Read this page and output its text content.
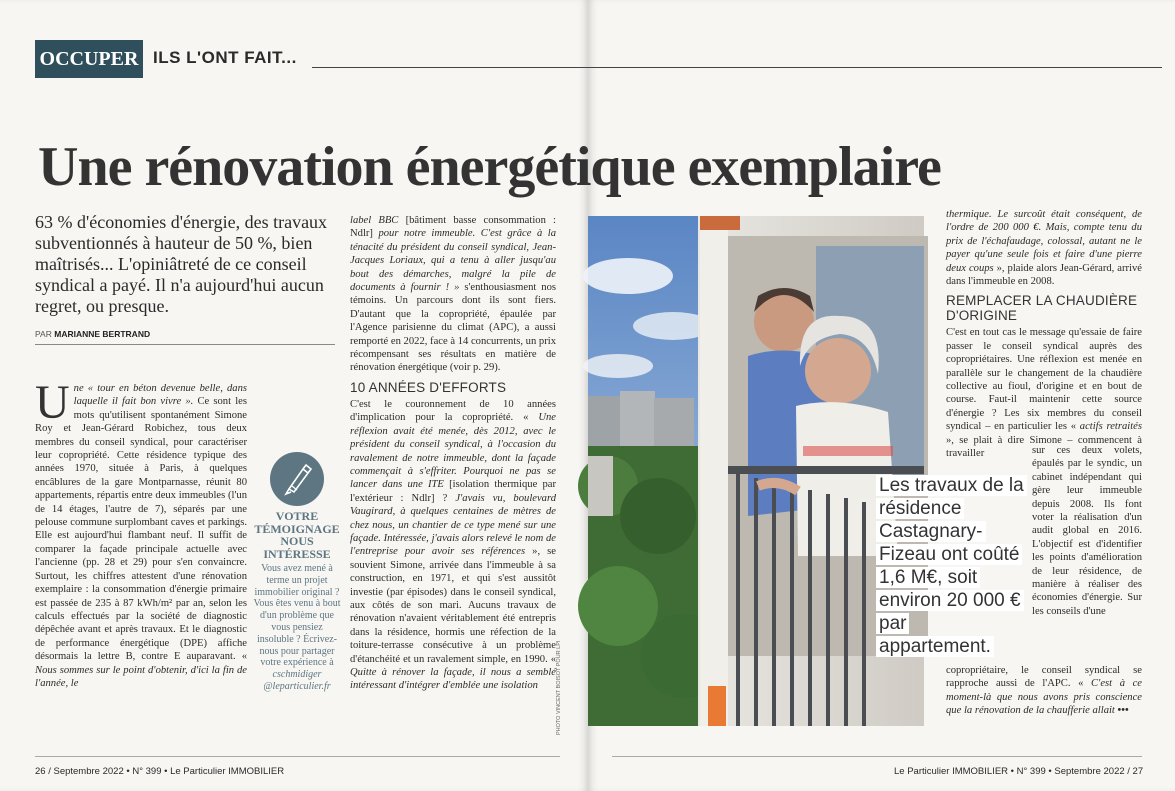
OCCUPER ILS L'ONT FAIT...
Une rénovation énergétique exemplaire
63 % d'économies d'énergie, des travaux subventionnés à hauteur de 50 %, bien maîtrisés... L'opiniâtreté de ce conseil syndical a payé. Il n'a aujourd'hui aucun regret, ou presque.
PAR MARIANNE BERTRAND

Une « tour en béton devenue belle, dans laquelle il fait bon vivre ». Ce sont les mots qu'utilisent spontanément Simone Roy et Jean-Gérard Robichez, tous deux membres du conseil syndical, pour caractériser leur copropriété. Cette résidence typique des années 1970, située à Paris, à quelques encâblures de la gare Montparnasse, réunit 80 appartements, répartis entre deux immeubles (l'un de 14 étages, l'autre de 7), séparés par une pelouse commune surplombant caves et parkings. Elle est aujourd'hui flambant neuf. Il suffit de comparer la façade principale actuelle avec l'ancienne (pp. 28 et 29) pour s'en convaincre. Surtout, les chiffres attestent d'une rénovation exemplaire : la consommation d'énergie primaire est passée de 235 à 87 kWh/m² par an, selon les calculs effectués par la société de diagnostic dépêchée avant et après travaux. Et le diagnostic de performance énergétique (DPE) affiche désormais la lettre B, contre E auparavant. « Nous sommes sur le point d'obtenir, d'ici la fin de l'année, le

VOTRE TÉMOIGNAGE NOUS INTÉRESSE
Vous avez mené à terme un projet immobilier original ? Vous êtes venu à bout d'un problème que vous pensiez insoluble ? Écrivez-nous pour partager votre expérience à cschmidiger @leparticulier.fr

label BBC [bâtiment basse consommation : Ndlr] pour notre immeuble. C'est grâce à la ténacité du président du conseil syndical, Jean-Jacques Loriaux, qui a tenu à aller jusqu'au bout des démarches, malgré la pile de documents à fournir ! » s'enthousiasment nos témoins. Un parcours dont ils sont fiers. D'autant que la copropriété, épaulée par l'Agence parisienne du climat (APC), a aussi remporté en 2022, face à 14 concurrents, un prix récompensant ses résultats en matière de rénovation énergétique (voir p. 29).

10 ANNÉES D'EFFORTS

C'est le couronnement de 10 années d'implication pour la copropriété. « Une réflexion avait été menée, dès 2012, avec le président du conseil syndical, à l'occasion du ravalement de notre immeuble, dont la façade commençait à s'effriter. Pourquoi ne pas se lancer dans une ITE [isolation thermique par l'extérieur : Ndlr] ? J'avais vu, boulevard Vaugirard, à quelques centaines de mètres de chez nous, un chantier de ce type mené sur une façade. Intéressée, j'avais alors relevé le nom de l'entreprise pour avoir ses références », se souvient Simone, arrivée dans l'immeuble à sa construction, en 1971, et qui s'est aussitôt investie (par épisodes) dans le conseil syndical, aux côtés de son mari. Aucuns travaux de rénovation n'avaient véritablement été entrepris dans la résidence, hormis une réfection de la toiture-terrasse consécutive à un problème d'étanchéité et un ravalement simple, en 1990. « Quitte à rénover la façade, il nous a semblé intéressant d'intégrer d'emblée une isolation	PHOTO VINCENT BOISOT POUR LPI
Les travaux de la résidence Castagnary-Fizeau ont coûté 1,6 M€, soit environ 20 000 € par appartement.

thermique. Le surcoût était conséquent, de l'ordre de 200 000 €. Mais, compte tenu du prix de l'échafaudage, colossal, autant ne le payer qu'une seule fois et faire d'une pierre deux coups », plaide alors Jean-Gérard, arrivé dans l'immeuble en 2008.

REMPLACER LA CHAUDIÈRE D'ORIGINE

C'est en tout cas le message qu'essaie de faire passer le conseil syndical auprès des copropriétaires. Une réflexion est menée en parallèle sur le changement de la chaudière collective au fioul, d'origine et en bout de course. Faut-il maintenir cette source d'énergie ? Les six membres du conseil syndical – en particulier les « actifs retraités », se plait à dire Simone – commencent à travailler	sur ces deux volets, épaulés par le syndic, un cabinet indépendant qui gère leur immeuble depuis 2008. Ils font voter la réalisation d'un audit global en 2016. L'objectif est d'identifier les points d'amélioration de leur résidence, de manière à réaliser des économies d'énergie. Sur les conseils d'une

copropriétaire, le conseil syndical se rapproche aussi de l'APC. « C'est à ce moment-là que nous avons pris conscience que la rénovation de la chaufferie allait •••

26 / Septembre 2022 • N° 399 • Le Particulier IMMOBILIER	Le Particulier IMMOBILIER • N° 399 • Septembre 2022 / 27
